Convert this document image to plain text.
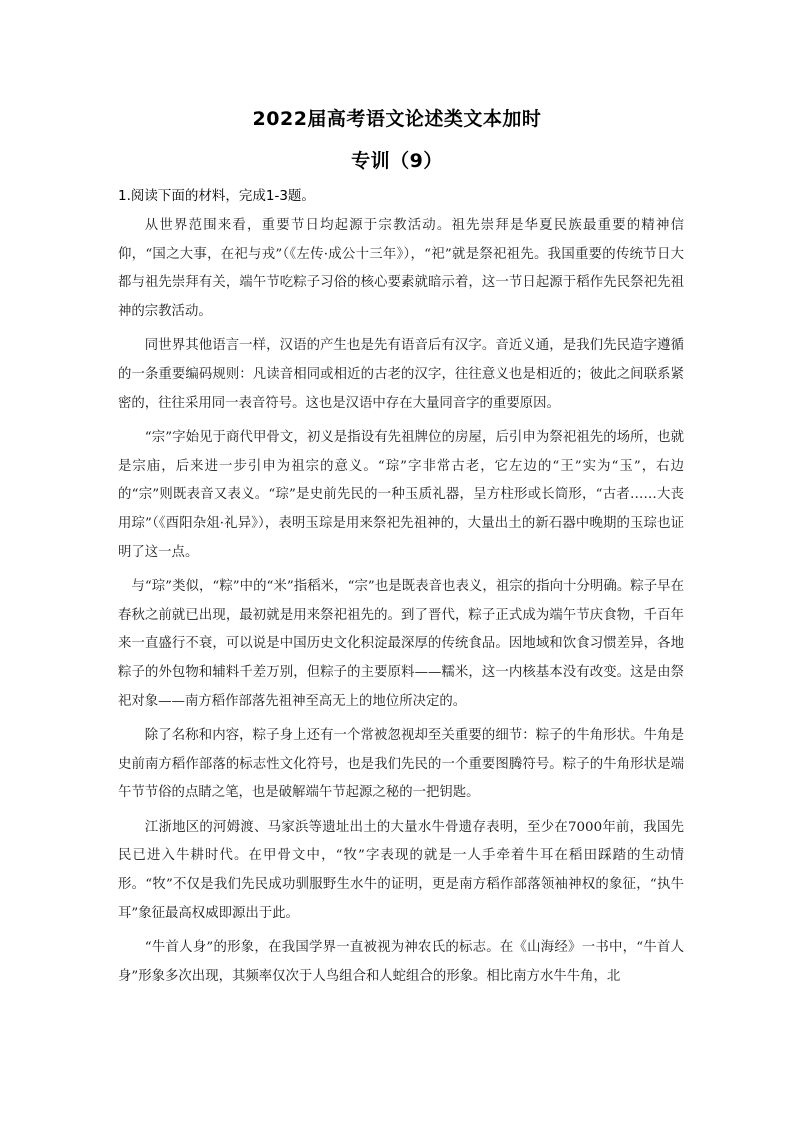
2022届高考语文论述类文本加时
专训（9）
1.阅读下面的材料，完成1-3题。

从世界范围来看，重要节日均起源于宗教活动。祖先崇拜是华夏民族最重要的精神信仰，“国之大事，在祀与戎”（《左传·成公十三年》），“祀”就是祭祀祖先。我国重要的传统节日大都与祖先崇拜有关，端午节吃粽子习俗的核心要素就暗示着，这一节日起源于稻作先民祭祀先祖神的宗教活动。

同世界其他语言一样，汉语的产生也是先有语音后有汉字。音近义通，是我们先民造字遵循的一条重要编码规则：凡读音相同或相近的古老的汉字，往往意义也是相近的；彼此之间联系紧密的，往往采用同一表音符号。这也是汉语中存在大量同音字的重要原因。

“宗”字始见于商代甲骨文，初义是指设有先祖牌位的房屋，后引申为祭祀祖先的场所，也就是宗庙，后来进一步引申为祖宗的意义。“琮”字非常古老，它左边的“王”实为“玉”，右边的“宗”则既表音又表义。“琮”是史前先民的一种玉质礼器，呈方柱形或长筒形，“古者……大丧用琮”（《酉阳杂俎·礼异》），表明玉琮是用来祭祀先祖神的，大量出土的新石器中晚期的玉琮也证明了这一点。

与“琮”类似，“粽”中的“米”指稻米，“宗”也是既表音也表义，祖宗的指向十分明确。粽子早在春秋之前就已出现，最初就是用来祭祀祖先的。到了晋代，粽子正式成为端午节庆食物，千百年来一直盛行不衰，可以说是中国历史文化积淀最深厚的传统食品。因地域和饮食习惯差异，各地粽子的外包物和辅料千差万别，但粽子的主要原料——糯米，这一内核基本没有改变。这是由祭祀对象——南方稻作部落先祖神至高无上的地位所决定的。

除了名称和内容，粽子身上还有一个常被忽视却至关重要的细节：粽子的牛角形状。牛角是史前南方稻作部落的标志性文化符号，也是我们先民的一个重要图腾符号。粽子的牛角形状是端午节节俗的点睛之笔，也是破解端午节起源之秘的一把钥匙。

江浙地区的河姆渡、马家浜等遗址出土的大量水牛骨遗存表明，至少在7000年前，我国先民已进入牛耕时代。在甲骨文中，“牧”字表现的就是一人手牵着牛耳在稻田踩踏的生动情形。“牧”不仅是我们先民成功驯服野生水牛的证明，更是南方稻作部落领袖神权的象征，“执牛耳”象征最高权威即源出于此。

“牛首人身”的形象，在我国学界一直被视为神农氏的标志。在《山海经》一书中，“牛首人身”形象多次出现，其频率仅次于人鸟组合和人蛇组合的形象。相比南方水牛牛角，北
